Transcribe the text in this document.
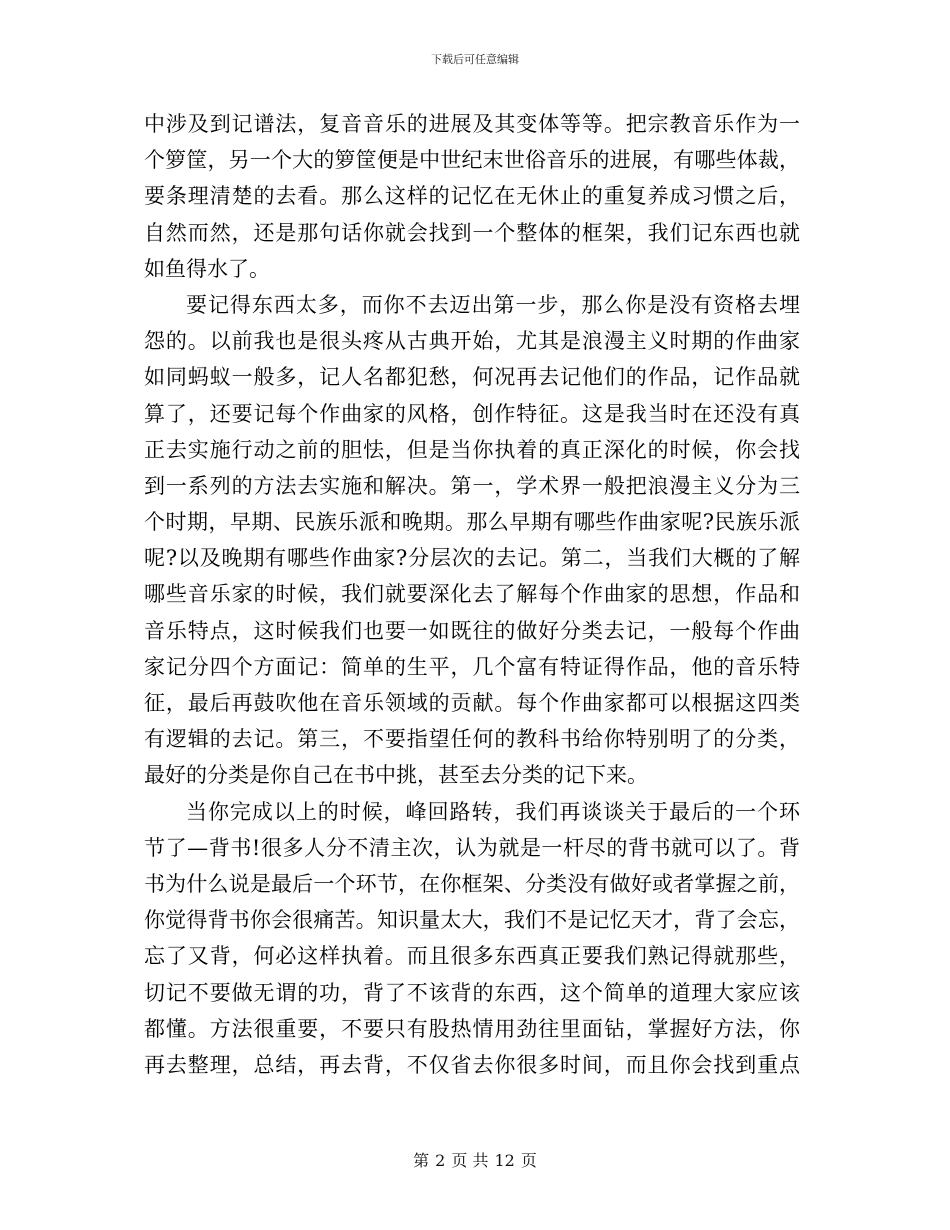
下载后可任意编辑
中涉及到记谱法，复音音乐的进展及其变体等等。把宗教音乐作为一
个箩筐，另一个大的箩筐便是中世纪末世俗音乐的进展，有哪些体裁，
要条理清楚的去看。那么这样的记忆在无休止的重复养成习惯之后，
自然而然，还是那句话你就会找到一个整体的框架，我们记东西也就
如鱼得水了。
要记得东西太多，而你不去迈出第一步，那么你是没有资格去埋
怨的。以前我也是很头疼从古典开始，尤其是浪漫主义时期的作曲家
如同蚂蚁一般多，记人名都犯愁，何况再去记他们的作品，记作品就
算了，还要记每个作曲家的风格，创作特征。这是我当时在还没有真
正去实施行动之前的胆怯，但是当你执着的真正深化的时候，你会找
到一系列的方法去实施和解决。第一，学术界一般把浪漫主义分为三
个时期，早期、民族乐派和晚期。那么早期有哪些作曲家呢?民族乐派
呢?以及晚期有哪些作曲家?分层次的去记。第二，当我们大概的了解
哪些音乐家的时候，我们就要深化去了解每个作曲家的思想，作品和
音乐特点，这时候我们也要一如既往的做好分类去记，一般每个作曲
家记分四个方面记：简单的生平，几个富有特证得作品，他的音乐特
征，最后再鼓吹他在音乐领域的贡献。每个作曲家都可以根据这四类
有逻辑的去记。第三，不要指望任何的教科书给你特别明了的分类，
最好的分类是你自己在书中挑，甚至去分类的记下来。
当你完成以上的时候，峰回路转，我们再谈谈关于最后的一个环
节了—背书!很多人分不清主次，认为就是一杆尽的背书就可以了。背
书为什么说是最后一个环节，在你框架、分类没有做好或者掌握之前，
你觉得背书你会很痛苦。知识量太大，我们不是记忆天才，背了会忘，
忘了又背，何必这样执着。而且很多东西真正要我们熟记得就那些，
切记不要做无谓的功，背了不该背的东西，这个简单的道理大家应该
都懂。方法很重要，不要只有股热情用劲往里面钻，掌握好方法，你
再去整理，总结，再去背，不仅省去你很多时间，而且你会找到重点
第 2 页 共 12 页
